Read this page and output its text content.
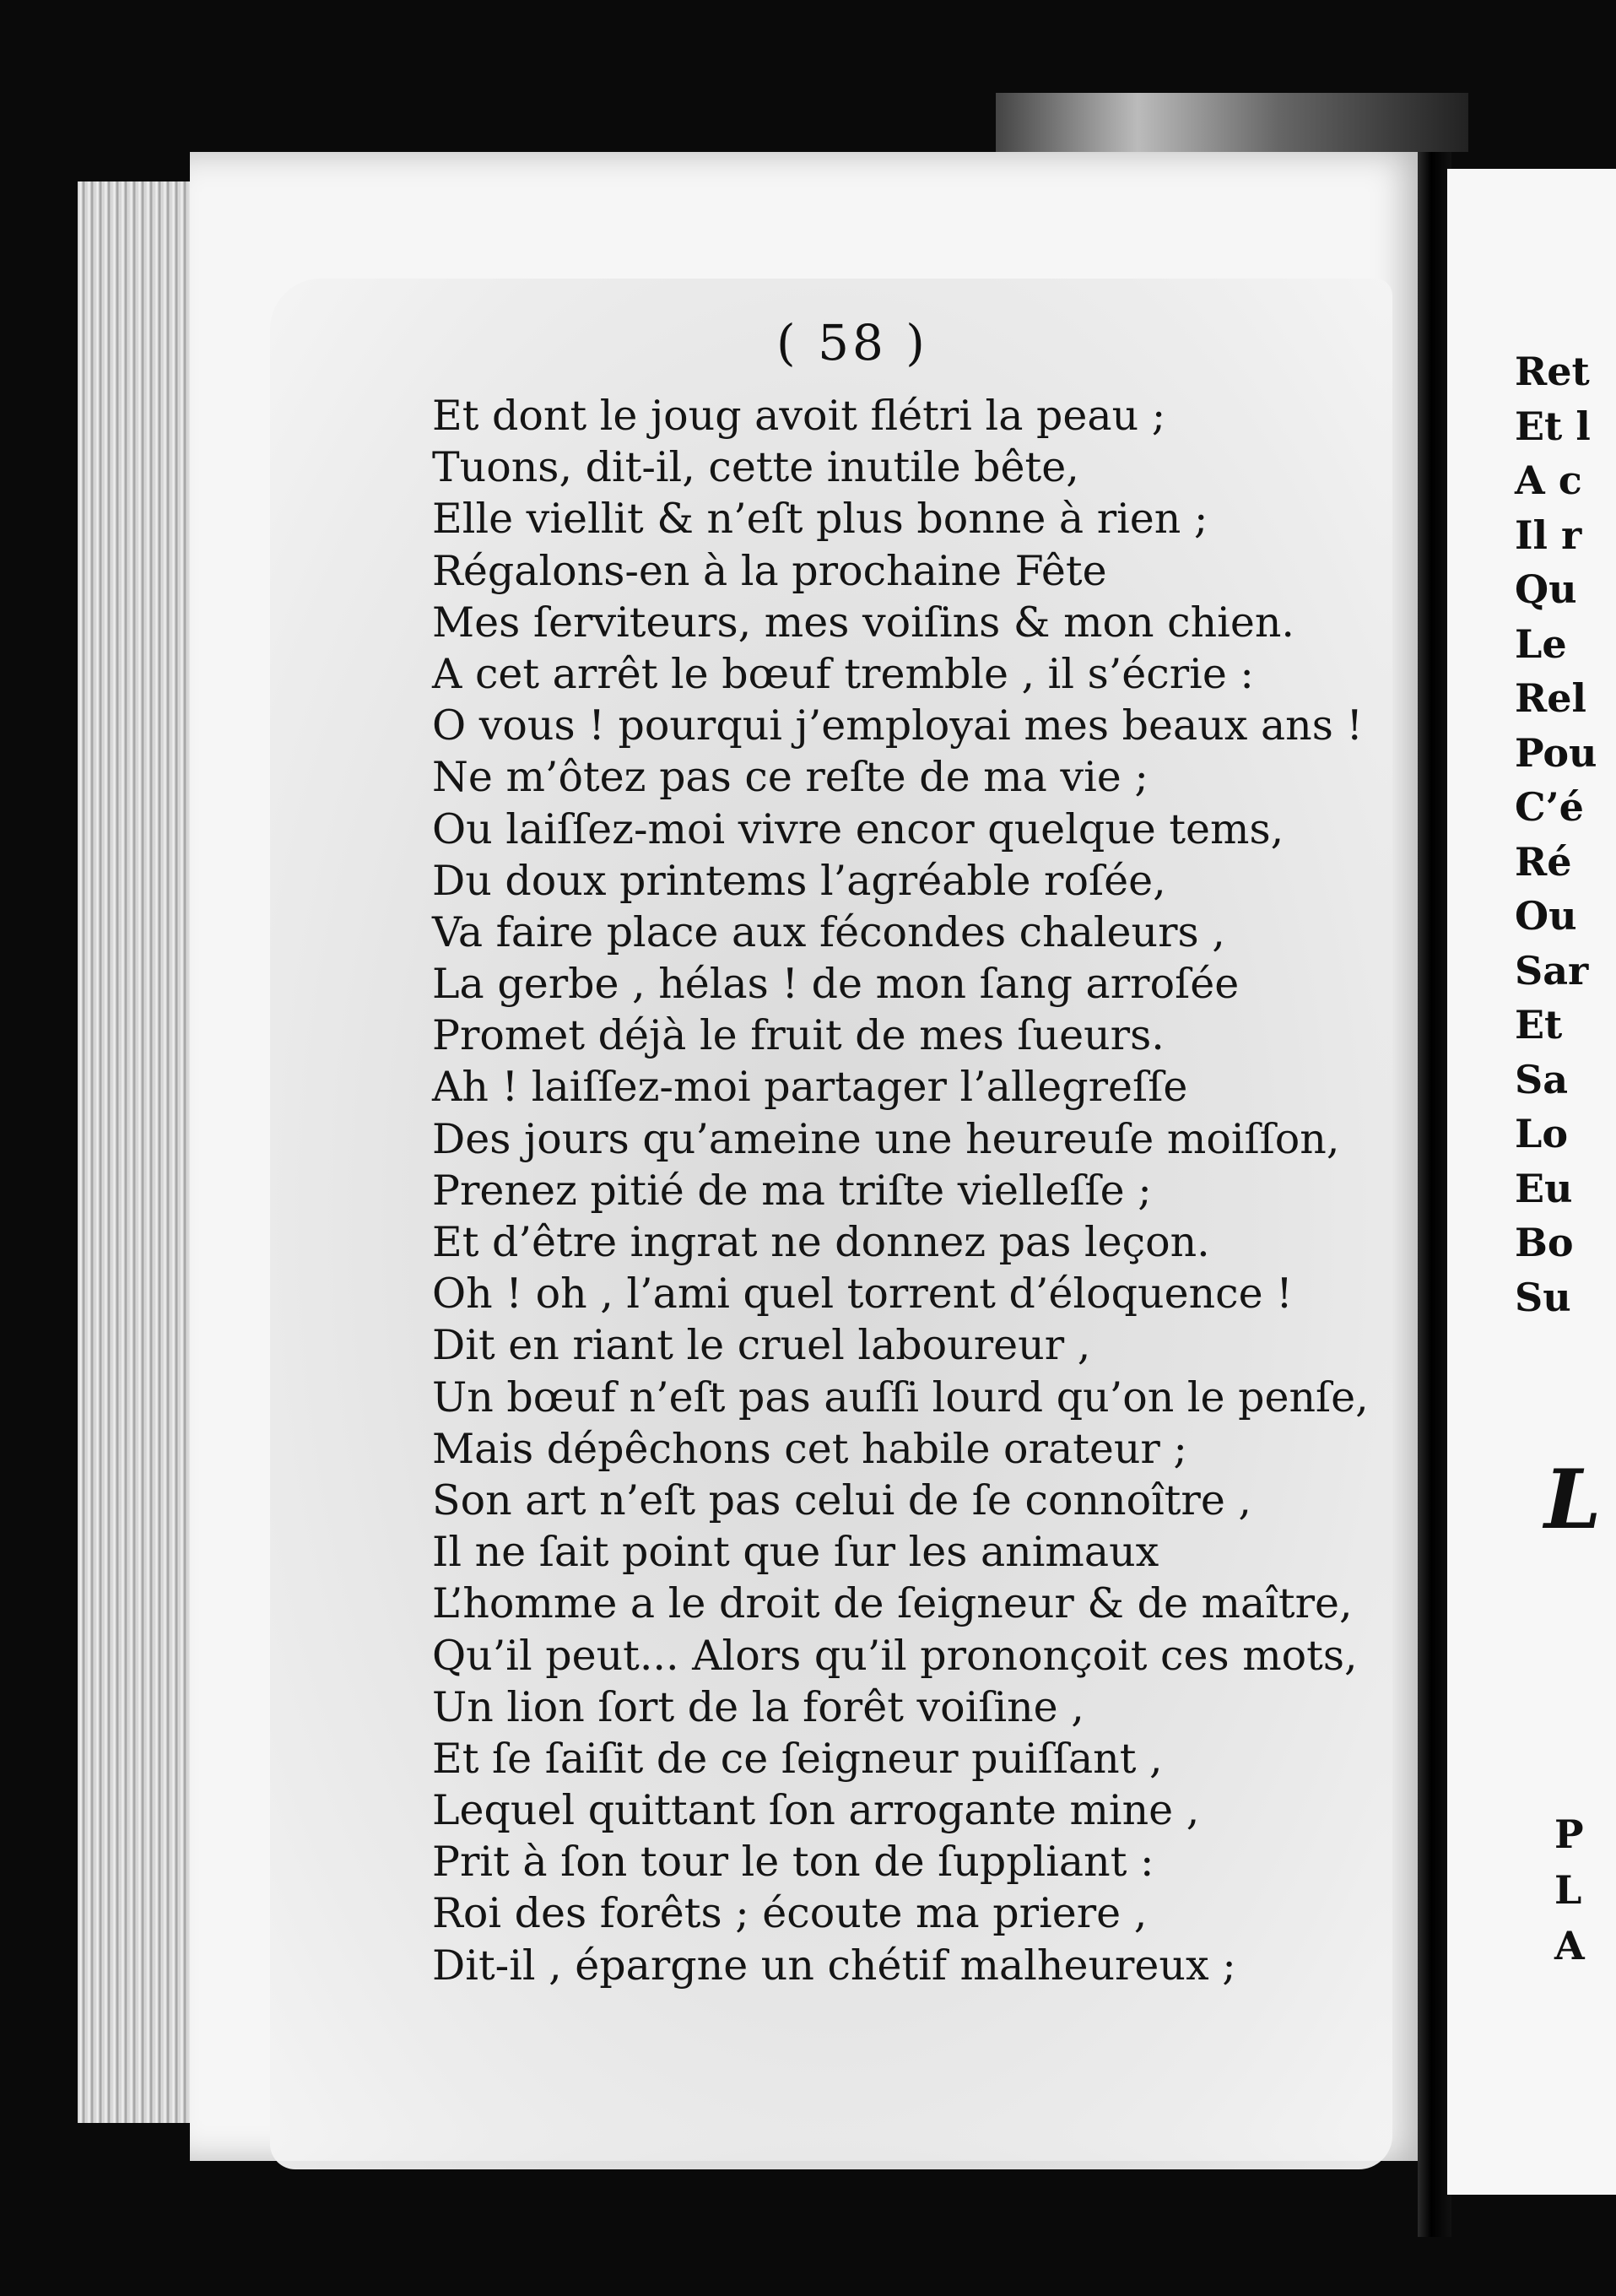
( 58 )
Et dont le joug avoit flétri la peau ;
Tuons, dit-il, cette inutile bête,
Elle viellit & n’eſt plus bonne à rien ;
Régalons-en à la prochaine Fête
Mes ſerviteurs, mes voiſins & mon chien.
A cet arrêt le bœuf tremble , il s’écrie :
O vous ! pourqui j’employai mes beaux ans !
Ne m’ôtez pas ce reſte de ma vie ;
Ou laiſſez-moi vivre encor quelque tems,
Du doux printems l’agréable roſée,
Va faire place aux fécondes chaleurs ,
La gerbe , hélas ! de mon ſang arroſée
Promet déjà le fruit de mes ſueurs.
Ah ! laiſſez-moi partager l’allegreſſe
Des jours qu’ameine une heureuſe moiſſon,
Prenez pitié de ma triſte vielleſſe ;
Et d’être ingrat ne donnez pas leçon.
Oh ! oh , l’ami quel torrent d’éloquence !
Dit en riant le cruel laboureur ,
Un bœuf n’eſt pas auſſi lourd qu’on le penſe,
Mais dépêchons cet habile orateur ;
Son art n’eſt pas celui de ſe connoître ,
Il ne ſait point que ſur les animaux
L’homme a le droit de ſeigneur & de maître,
Qu’il peut... Alors qu’il prononçoit ces mots,
Un lion ſort de la forêt voiſine ,
Et ſe ſaiſit de ce ſeigneur puiſſant ,
Lequel quittant ſon arrogante mine ,
Prit à ſon tour le ton de ſuppliant :
Roi des forêts ; écoute ma priere ,
Dit-il , épargne un chétif malheureux ;
Ret
Et l
A c
Il r
Qu
Le
Rel
Pou
C’é
Ré
Ou
Sar
Et
Sa
Lo
Eu
Bo
Su
L
P
L
A
